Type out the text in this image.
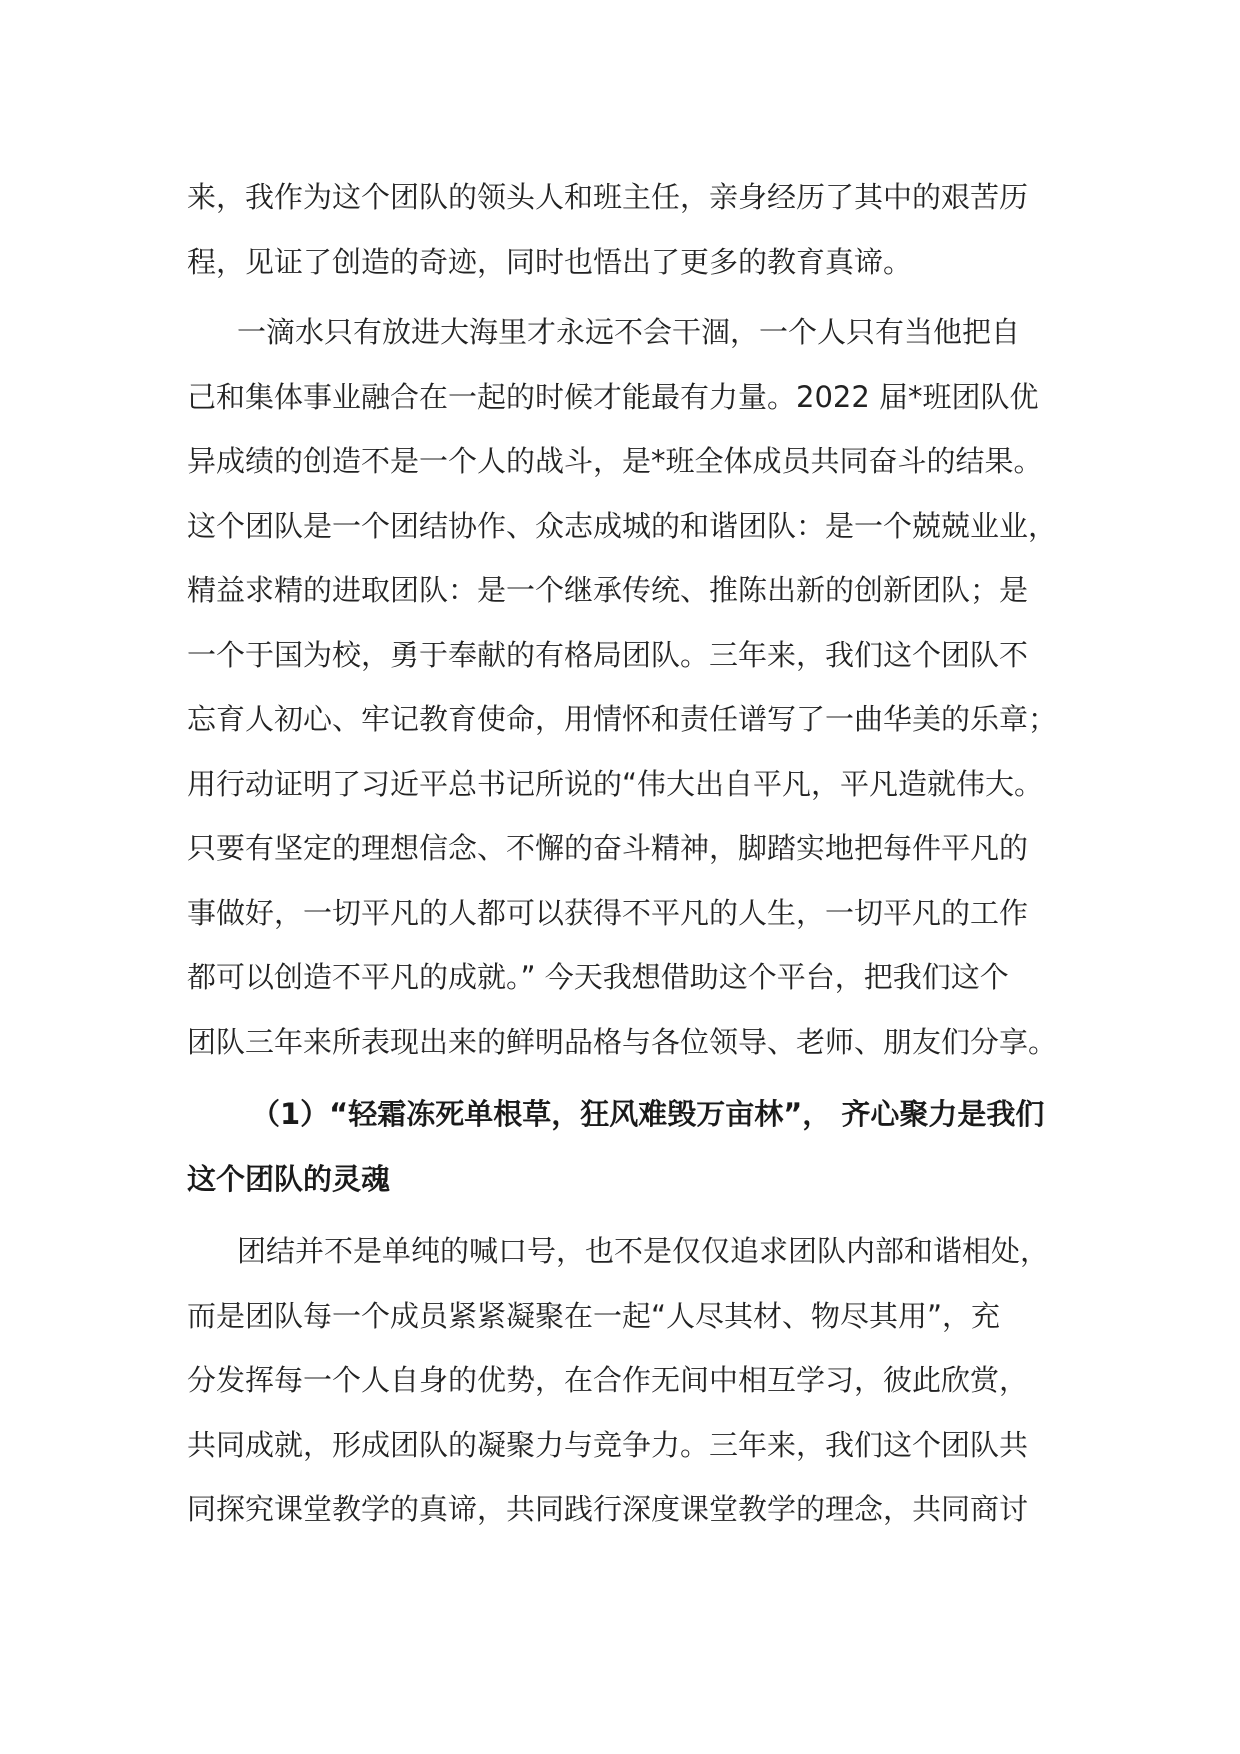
来，我作为这个团队的领头人和班主任，亲身经历了其中的艰苦历
程，见证了创造的奇迹，同时也悟出了更多的教育真谛。
一滴水只有放进大海里才永远不会干涸，一个人只有当他把自
己和集体事业融合在一起的时候才能最有力量。2022 届*班团队优
异成绩的创造不是一个人的战斗，是*班全体成员共同奋斗的结果。
这个团队是一个团结协作、众志成城的和谐团队：是一个兢兢业业，
精益求精的进取团队：是一个继承传统、推陈出新的创新团队；是
一个于国为校，勇于奉献的有格局团队。三年来，我们这个团队不
忘育人初心、牢记教育使命，用情怀和责任谱写了一曲华美的乐章；
用行动证明了习近平总书记所说的“伟大出自平凡，平凡造就伟大。
只要有坚定的理想信念、不懈的奋斗精神，脚踏实地把每件平凡的
事做好，一切平凡的人都可以获得不平凡的人生，一切平凡的工作
都可以创造不平凡的成就。” 今天我想借助这个平台，把我们这个
团队三年来所表现出来的鲜明品格与各位领导、老师、朋友们分享。
（1）“轻霜冻死单根草，狂风难毁万亩林”， 齐心聚力是我们
这个团队的灵魂
团结并不是单纯的喊口号，也不是仅仅追求团队内部和谐相处，
而是团队每一个成员紧紧凝聚在一起“人尽其材、物尽其用”，充
分发挥每一个人自身的优势，在合作无间中相互学习，彼此欣赏，
共同成就，形成团队的凝聚力与竞争力。三年来，我们这个团队共
同探究课堂教学的真谛，共同践行深度课堂教学的理念，共同商讨
